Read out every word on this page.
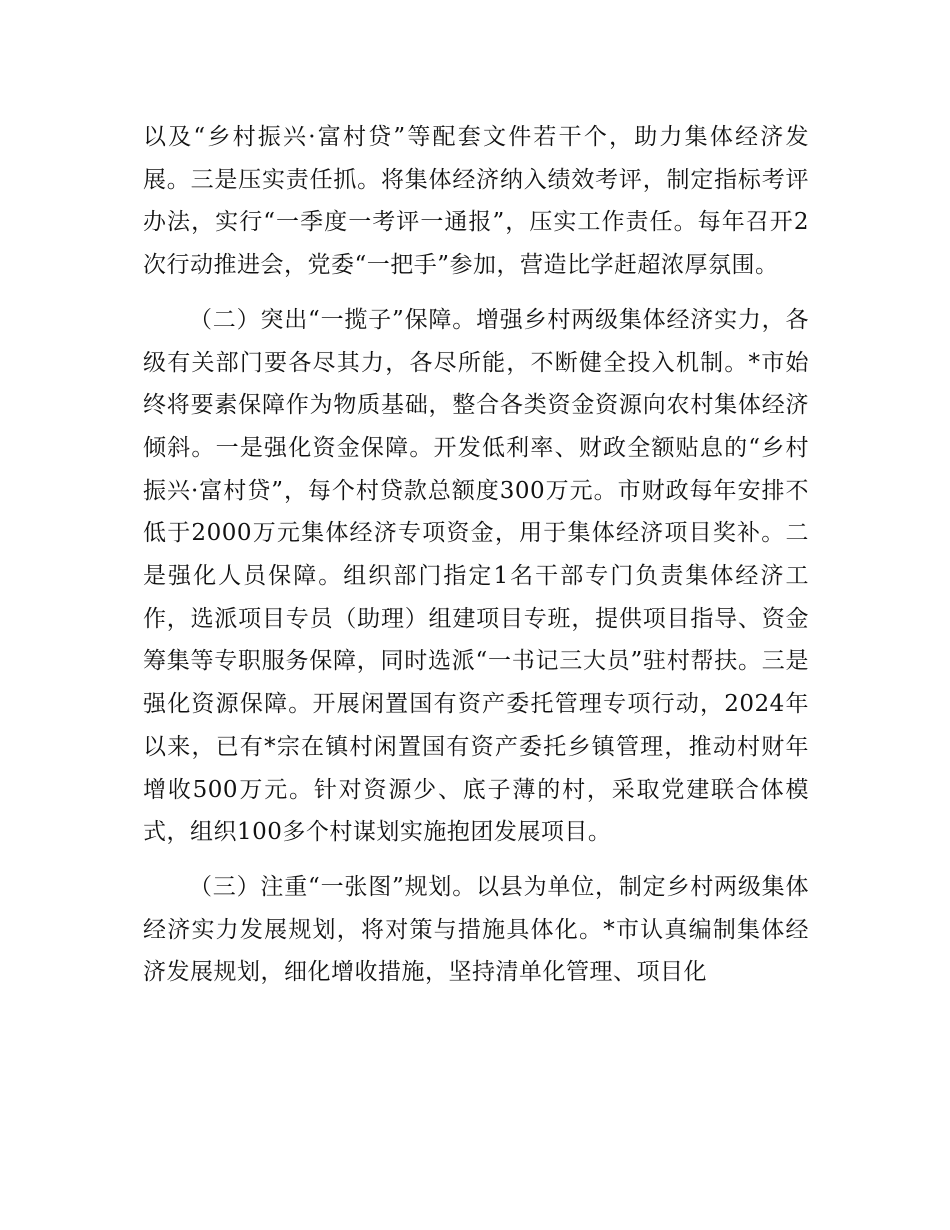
以及“乡村振兴·富村贷”等配套文件若干个，助力集体经济发展。三是压实责任抓。将集体经济纳入绩效考评，制定指标考评办法，实行“一季度一考评一通报”，压实工作责任。每年召开2次行动推进会，党委“一把手”参加，营造比学赶超浓厚氛围。

（二）突出“一揽子”保障。增强乡村两级集体经济实力，各级有关部门要各尽其力，各尽所能，不断健全投入机制。*市始终将要素保障作为物质基础，整合各类资金资源向农村集体经济倾斜。一是强化资金保障。开发低利率、财政全额贴息的“乡村振兴·富村贷”，每个村贷款总额度300万元。市财政每年安排不低于2000万元集体经济专项资金，用于集体经济项目奖补。二是强化人员保障。组织部门指定1名干部专门负责集体经济工作，选派项目专员（助理）组建项目专班，提供项目指导、资金筹集等专职服务保障，同时选派“一书记三大员”驻村帮扶。三是强化资源保障。开展闲置国有资产委托管理专项行动，2024年以来，已有*宗在镇村闲置国有资产委托乡镇管理，推动村财年增收500万元。针对资源少、底子薄的村，采取党建联合体模式，组织100多个村谋划实施抱团发展项目。

（三）注重“一张图”规划。以县为单位，制定乡村两级集体经济实力发展规划，将对策与措施具体化。*市认真编制集体经济发展规划，细化增收措施，坚持清单化管理、项目化
